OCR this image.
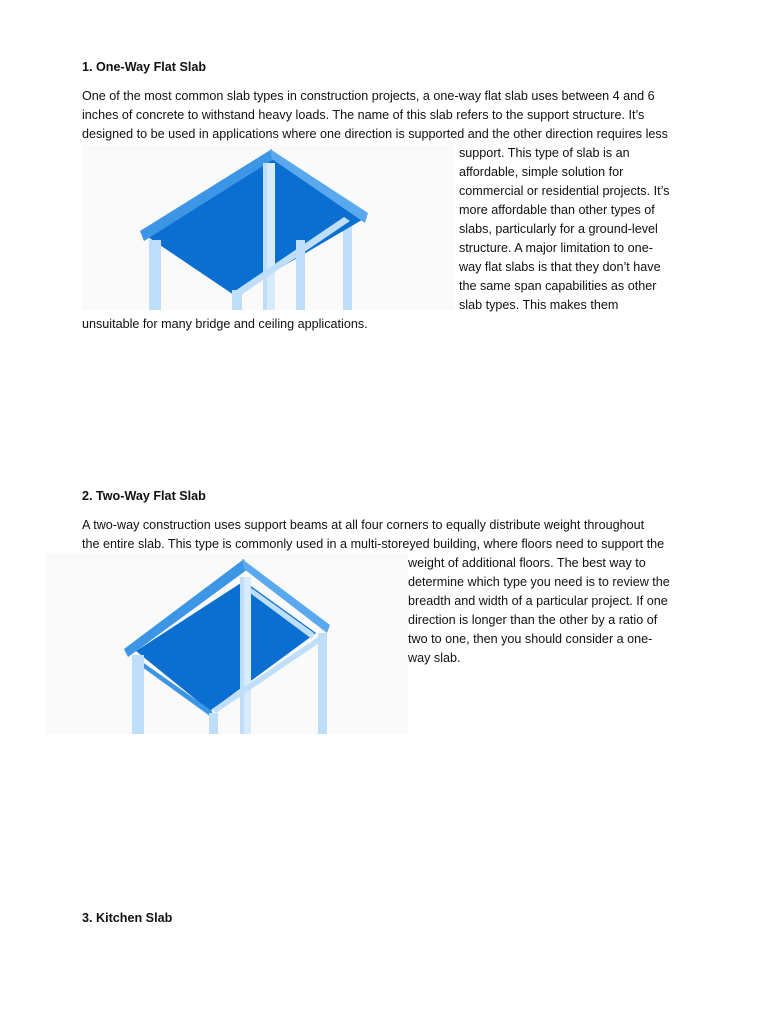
1. One-Way Flat Slab
One of the most common slab types in construction projects, a one-way flat slab uses between 4 and 6
inches of concrete to withstand heavy loads. The name of this slab refers to the support structure. It’s
designed to be used in applications where one direction is supported and the other direction requires less
support. This type of slab is an
affordable, simple solution for
commercial or residential projects. It’s
more affordable than other types of
slabs, particularly for a ground-level
structure. A major limitation to one-
way flat slabs is that they don’t have
the same span capabilities as other
slab types. This makes them
unsuitable for many bridge and ceiling applications.
2. Two-Way Flat Slab
A two-way construction uses support beams at all four corners to equally distribute weight throughout
the entire slab. This type is commonly used in a multi-storeyed building, where floors need to support the
weight of additional floors. The best way to
determine which type you need is to review the
breadth and width of a particular project. If one
direction is longer than the other by a ratio of
two to one, then you should consider a one-
way slab.
3. Kitchen Slab
